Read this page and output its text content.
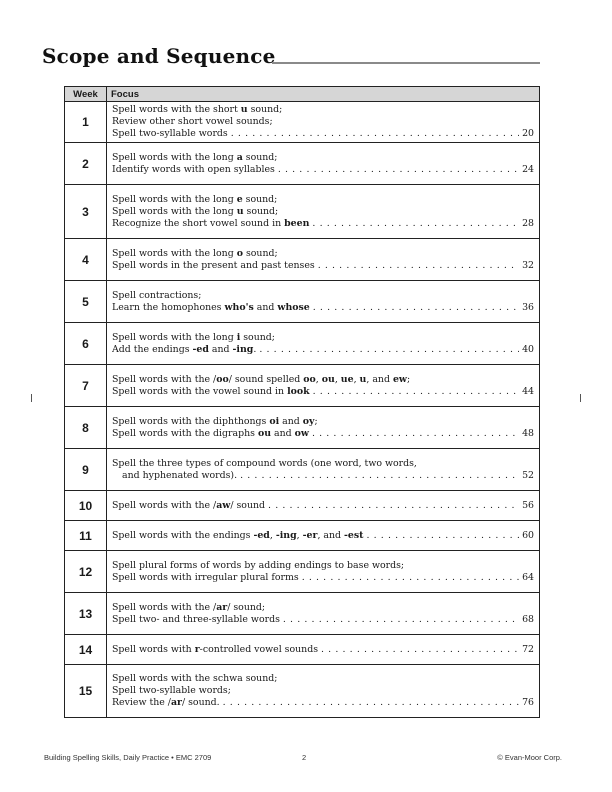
Scope and Sequence
Week	Focus
1	Spell words with the short u sound;
Review other short vowel sounds;
Spell two-syllable words . . . 20

2	Spell words with the long a sound;
Identify words with open syllables . . . 24

3	Spell words with the long e sound;
Spell words with the long u sound;
Recognize the short vowel sound in been . . . 28

4	Spell words with the long o sound;
Spell words in the present and past tenses . . . 32

5	Spell contractions;
Learn the homophones who's and whose . . . 36

6	Spell words with the long i sound;
Add the endings -ed and -ing. . . . 40

7	Spell words with the /oo/ sound spelled oo, ou, ue, u, and ew;
Spell words with the vowel sound in look . . . 44

8	Spell words with the diphthongs oi and oy;
Spell words with the digraphs ou and ow . . . 48

9	Spell the three types of compound words (one word, two words,
and hyphenated words). . . . 52

10	Spell words with the /aw/ sound . . . 56

11	Spell words with the endings -ed, -ing, -er, and -est . . . 60

12	Spell plural forms of words by adding endings to base words;
Spell words with irregular plural forms . . . 64

13	Spell words with the /ar/ sound;
Spell two- and three-syllable words . . . 68

14	Spell words with r-controlled vowel sounds . . . 72

15	Spell words with the schwa sound;
Spell two-syllable words;
Review the /ar/ sound. . . . 76
Building Spelling Skills, Daily Practice • EMC 2709	2	© Evan-Moor Corp.
